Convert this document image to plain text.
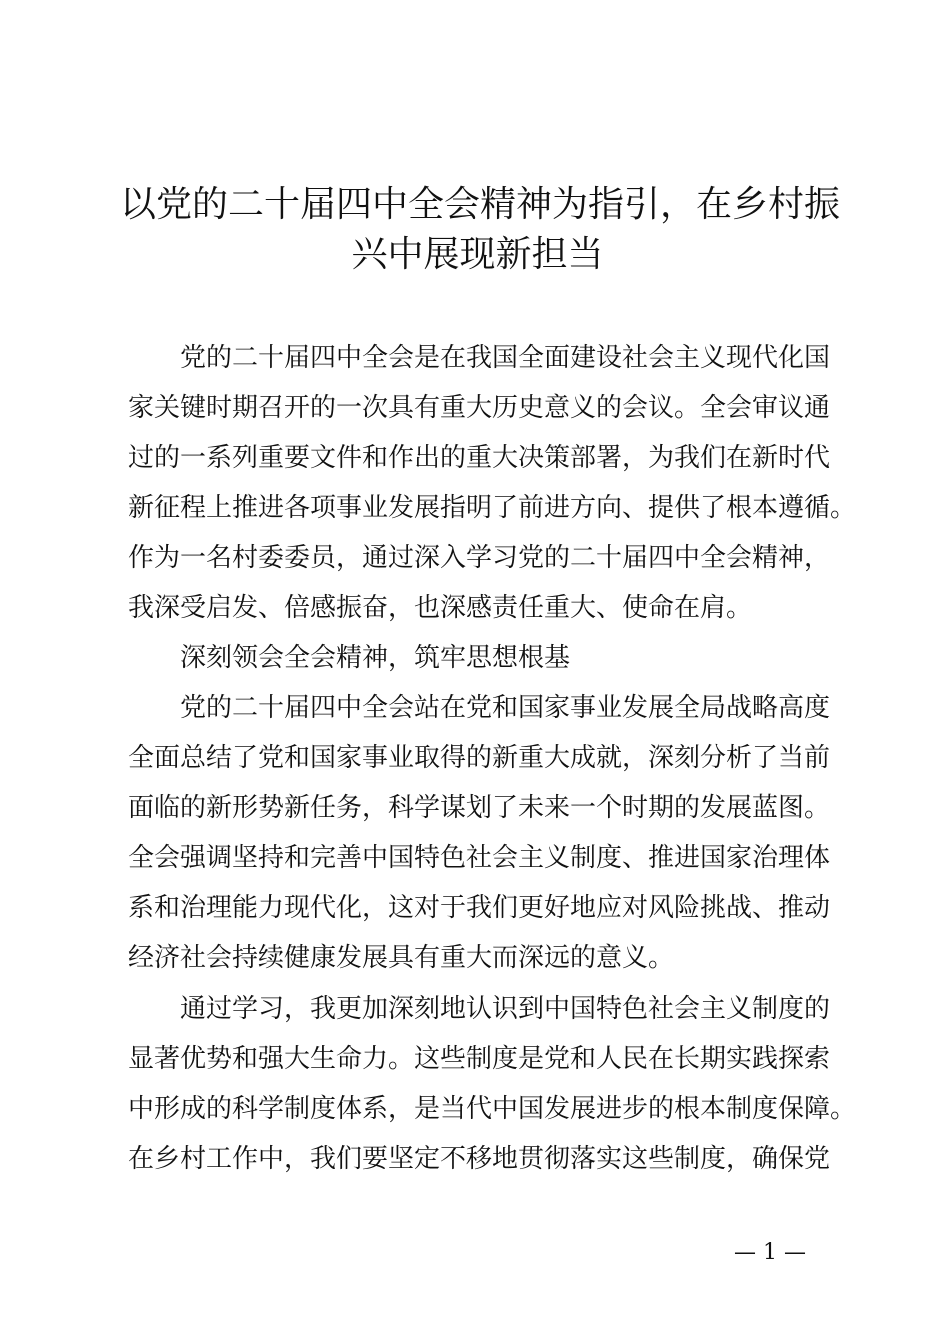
以党的二十届四中全会精神为指引，在乡村振
兴中展现新担当
党的二十届四中全会是在我国全面建设社会主义现代化国
家关键时期召开的一次具有重大历史意义的会议。全会审议通
过的一系列重要文件和作出的重大决策部署，为我们在新时代
新征程上推进各项事业发展指明了前进方向、提供了根本遵循。
作为一名村委委员，通过深入学习党的二十届四中全会精神，
我深受启发、倍感振奋，也深感责任重大、使命在肩。
深刻领会全会精神，筑牢思想根基
党的二十届四中全会站在党和国家事业发展全局战略高度
全面总结了党和国家事业取得的新重大成就，深刻分析了当前
面临的新形势新任务，科学谋划了未来一个时期的发展蓝图。
全会强调坚持和完善中国特色社会主义制度、推进国家治理体
系和治理能力现代化，这对于我们更好地应对风险挑战、推动
经济社会持续健康发展具有重大而深远的意义。
通过学习，我更加深刻地认识到中国特色社会主义制度的
显著优势和强大生命力。这些制度是党和人民在长期实践探索
中形成的科学制度体系，是当代中国发展进步的根本制度保障。
在乡村工作中，我们要坚定不移地贯彻落实这些制度，确保党
— 1 —
